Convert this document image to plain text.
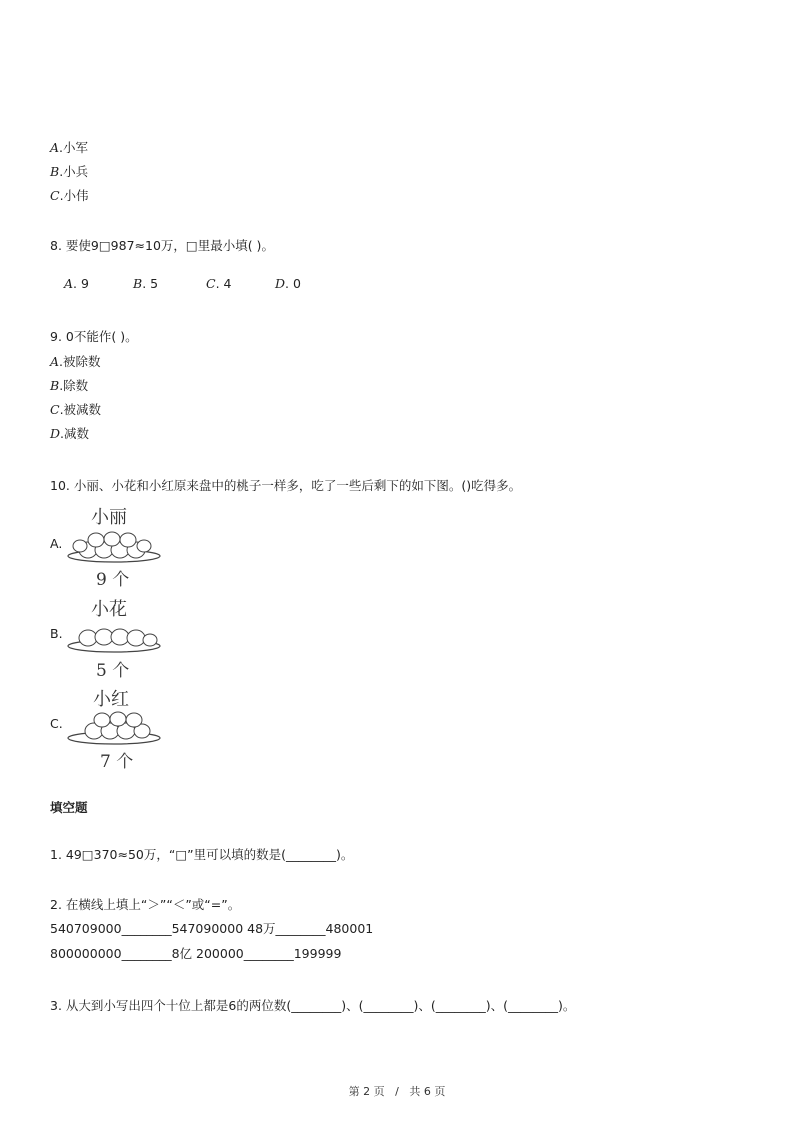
A.小军
B.小兵
C.小伟
8. 要使9□987≈10万，□里最小填( )。
A. 9	B. 5	C. 4	D. 0
9. 0不能作( )。
A.被除数
B.除数
C.被减数
D.减数
10. 小丽、小花和小红原来盘中的桃子一样多，吃了一些后剩下的如下图。()吃得多。
小丽
A.
9 个
小花
B.
5 个
小红
C.
7 个
填空题
1. 49□370≈50万，“□”里可以填的数是(________)。
2. 在横线上填上“＞”“＜”或“=”。
540709000________547090000 48万________480001
800000000________8亿 200000________199999
3. 从大到小写出四个十位上都是6的两位数(________)、(________)、(________)、(________)。
第 2 页   /   共 6 页
